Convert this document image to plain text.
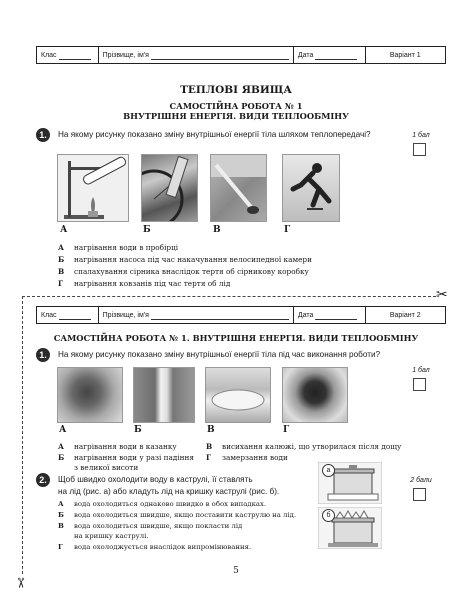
Клас	Прізвище, ім'я	Дата	Варіант 1
ТЕПЛОВІ ЯВИЩА
САМОСТІЙНА РОБОТА № 1
ВНУТРІШНЯ ЕНЕРГІЯ. ВИДИ ТЕПЛООБМІНУ
1.	На якому рисунку показано зміну внутрішньої енергії тіла шляхом теплопередачі?	1 бал
А	Б	В	Г
А нагрівання води в пробірці
Б нагрівання насоса під час накачування велосипедної камери
В спалахування сірника внаслідок тертя об сірникову коробку
Г нагрівання ковзанів під час тертя об лід
✂
✂
Клас	Прізвище, ім'я	Дата	Варіант 2
САМОСТІЙНА РОБОТА № 1. ВНУТРІШНЯ ЕНЕРГІЯ. ВИДИ ТЕПЛООБМІНУ
1.	На якому рисунку показано зміну внутрішньої енергії тіла під час виконання роботи?
1 бал
А	Б	В	Г
А нагрівання води в казанку
Б нагрівання води у разі падіння
з великої висоти
В висихання калюжі, що утворилася після дощу
Г замерзання води
2.	Щоб швидко охолодити воду в каструлі, її ставлять
на лід (рис. а) або кладуть лід на кришку каструлі (рис. б).
А вода охолодиться однаково швидко в обох випадках.
Б вода охолодиться швидше, якщо поставити каструлю на лід.
В вода охолодиться швидше, якщо покласти лід
на кришку каструлі.
Г вода охолоджується внаслідок випромінювання.
а
б
2 бали
5
